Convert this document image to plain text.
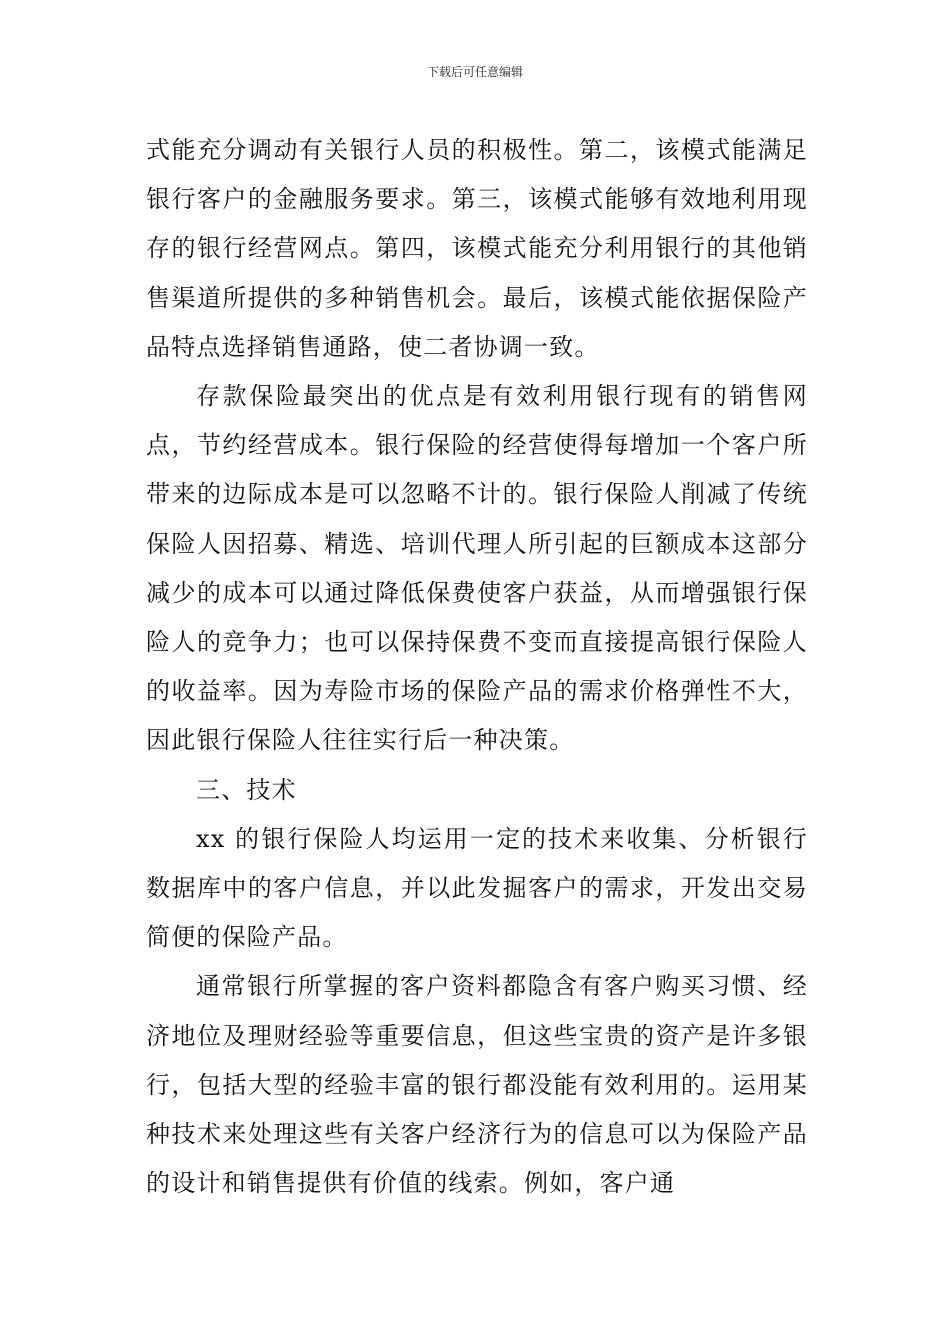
下载后可任意编辑

式能充分调动有关银行人员的积极性。第二，该模式能满足银行客户的金融服务要求。第三，该模式能够有效地利用现存的银行经营网点。第四，该模式能充分利用银行的其他销售渠道所提供的多种销售机会。最后，该模式能依据保险产品特点选择销售通路，使二者协调一致。

存款保险最突出的优点是有效利用银行现有的销售网点，节约经营成本。银行保险的经营使得每增加一个客户所带来的边际成本是可以忽略不计的。银行保险人削减了传统保险人因招募、精选、培训代理人所引起的巨额成本这部分减少的成本可以通过降低保费使客户获益，从而增强银行保险人的竞争力；也可以保持保费不变而直接提高银行保险人的收益率。因为寿险市场的保险产品的需求价格弹性不大，因此银行保险人往往实行后一种决策。

三、技术

xx 的银行保险人均运用一定的技术来收集、分析银行数据库中的客户信息，并以此发掘客户的需求，开发出交易简便的保险产品。

通常银行所掌握的客户资料都隐含有客户购买习惯、经济地位及理财经验等重要信息，但这些宝贵的资产是许多银行，包括大型的经验丰富的银行都没能有效利用的。运用某种技术来处理这些有关客户经济行为的信息可以为保险产品的设计和销售提供有价值的线索。例如，客户通
